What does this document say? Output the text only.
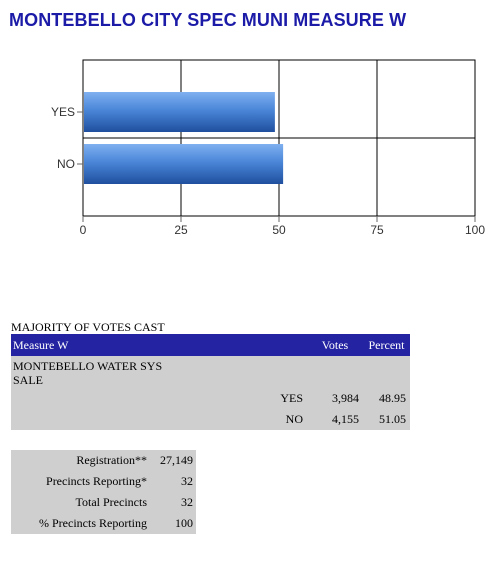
MONTEBELLO CITY SPEC MUNI MEASURE W
YES
NO
0	25	50	75	100
MAJORITY OF VOTES CAST
Measure W	Votes	Percent
MONTEBELLO WATER SYS SALE		
YES	3,984	48.95
NO	4,155	51.05
Registration**	27,149
Precincts Reporting*	32
Total Precincts	32
% Precincts Reporting	100
